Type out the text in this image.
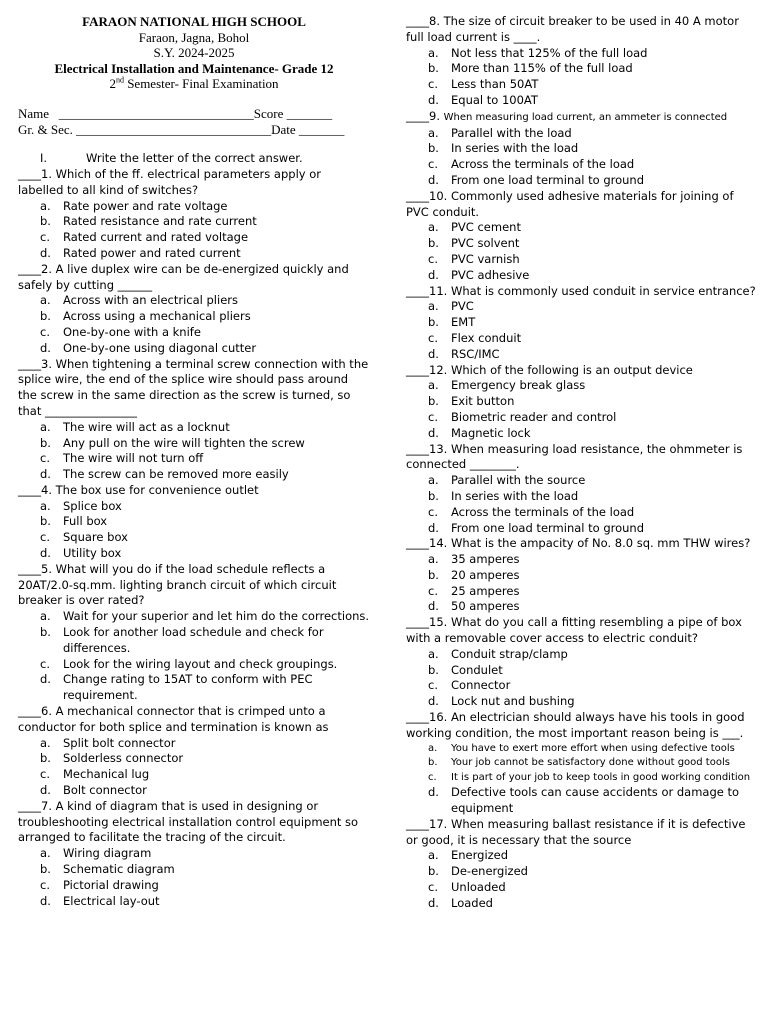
FARAON NATIONAL HIGH SCHOOL
Faraon, Jagna, Bohol
S.Y. 2024-2025
Electrical Installation and Maintenance- Grade 12
2nd Semester- Final Examination
Name   ______________________________Score _______
Gr. & Sec. ______________________________Date _______
I.	Write the letter of the correct answer.
____1. Which of the ff. electrical parameters apply or labelled to all kind of switches?
a. Rate power and rate voltage
b. Rated resistance and rate current
c. Rated current and rated voltage
d. Rated power and rated current
____2. A live duplex wire can be de-energized quickly and safely by cutting ______
a. Across with an electrical pliers
b. Across using a mechanical pliers
c. One-by-one with a knife
d. One-by-one using diagonal cutter
____3. When tightening a terminal screw connection with the splice wire, the end of the splice wire should pass around the screw in the same direction as the screw is turned, so that ________________
a. The wire will act as a locknut
b. Any pull on the wire will tighten the screw
c. The wire will not turn off
d. The screw can be removed more easily
____4. The box use for convenience outlet
a. Splice box
b. Full box
c. Square box
d. Utility box
____5. What will you do if the load schedule reflects a 20AT/2.0-sq.mm. lighting branch circuit of which circuit breaker is over rated?
a. Wait for your superior and let him do the corrections.
b. Look for another load schedule and check for differences.
c. Look for the wiring layout and check groupings.
d. Change rating to 15AT to conform with PEC requirement.
____6. A mechanical connector that is crimped unto a conductor for both splice and termination is known as
a. Split bolt connector
b. Solderless connector
c. Mechanical lug
d. Bolt connector
____7. A kind of diagram that is used in designing or troubleshooting electrical installation control equipment so arranged to facilitate the tracing of the circuit.
a. Wiring diagram
b. Schematic diagram
c. Pictorial drawing
d. Electrical lay-out
____8. The size of circuit breaker to be used in 40 A motor full load current is ____.
a. Not less that 125% of the full load
b. More than 115% of the full load
c. Less than 50AT
d. Equal to 100AT
____9. When measuring load current, an ammeter is connected
a. Parallel with the load
b. In series with the load
c. Across the terminals of the load
d. From one load terminal to ground
____10. Commonly used adhesive materials for joining of PVC conduit.
a. PVC cement
b. PVC solvent
c. PVC varnish
d. PVC adhesive
____11. What is commonly used conduit in service entrance?
a. PVC
b. EMT
c. Flex conduit
d. RSC/IMC
____12. Which of the following is an output device
a. Emergency break glass
b. Exit button
c. Biometric reader and control
d. Magnetic lock
____13. When measuring load resistance, the ohmmeter is connected ________.
a. Parallel with the source
b. In series with the load
c. Across the terminals of the load
d. From one load terminal to ground
____14. What is the ampacity of No. 8.0 sq. mm THW wires?
a. 35 amperes
b. 20 amperes
c. 25 amperes
d. 50 amperes
____15. What do you call a fitting resembling a pipe of box with a removable cover access to electric conduit?
a. Conduit strap/clamp
b. Condulet
c. Connector
d. Lock nut and bushing
____16. An electrician should always have his tools in good working condition, the most important reason being is ___.
a. You have to exert more effort when using defective tools
b. Your job cannot be satisfactory done without good tools
c. It is part of your job to keep tools in good working condition
d. Defective tools can cause accidents or damage to equipment
____17. When measuring ballast resistance if it is defective or good, it is necessary that the source
a. Energized
b. De-energized
c. Unloaded
d. Loaded
